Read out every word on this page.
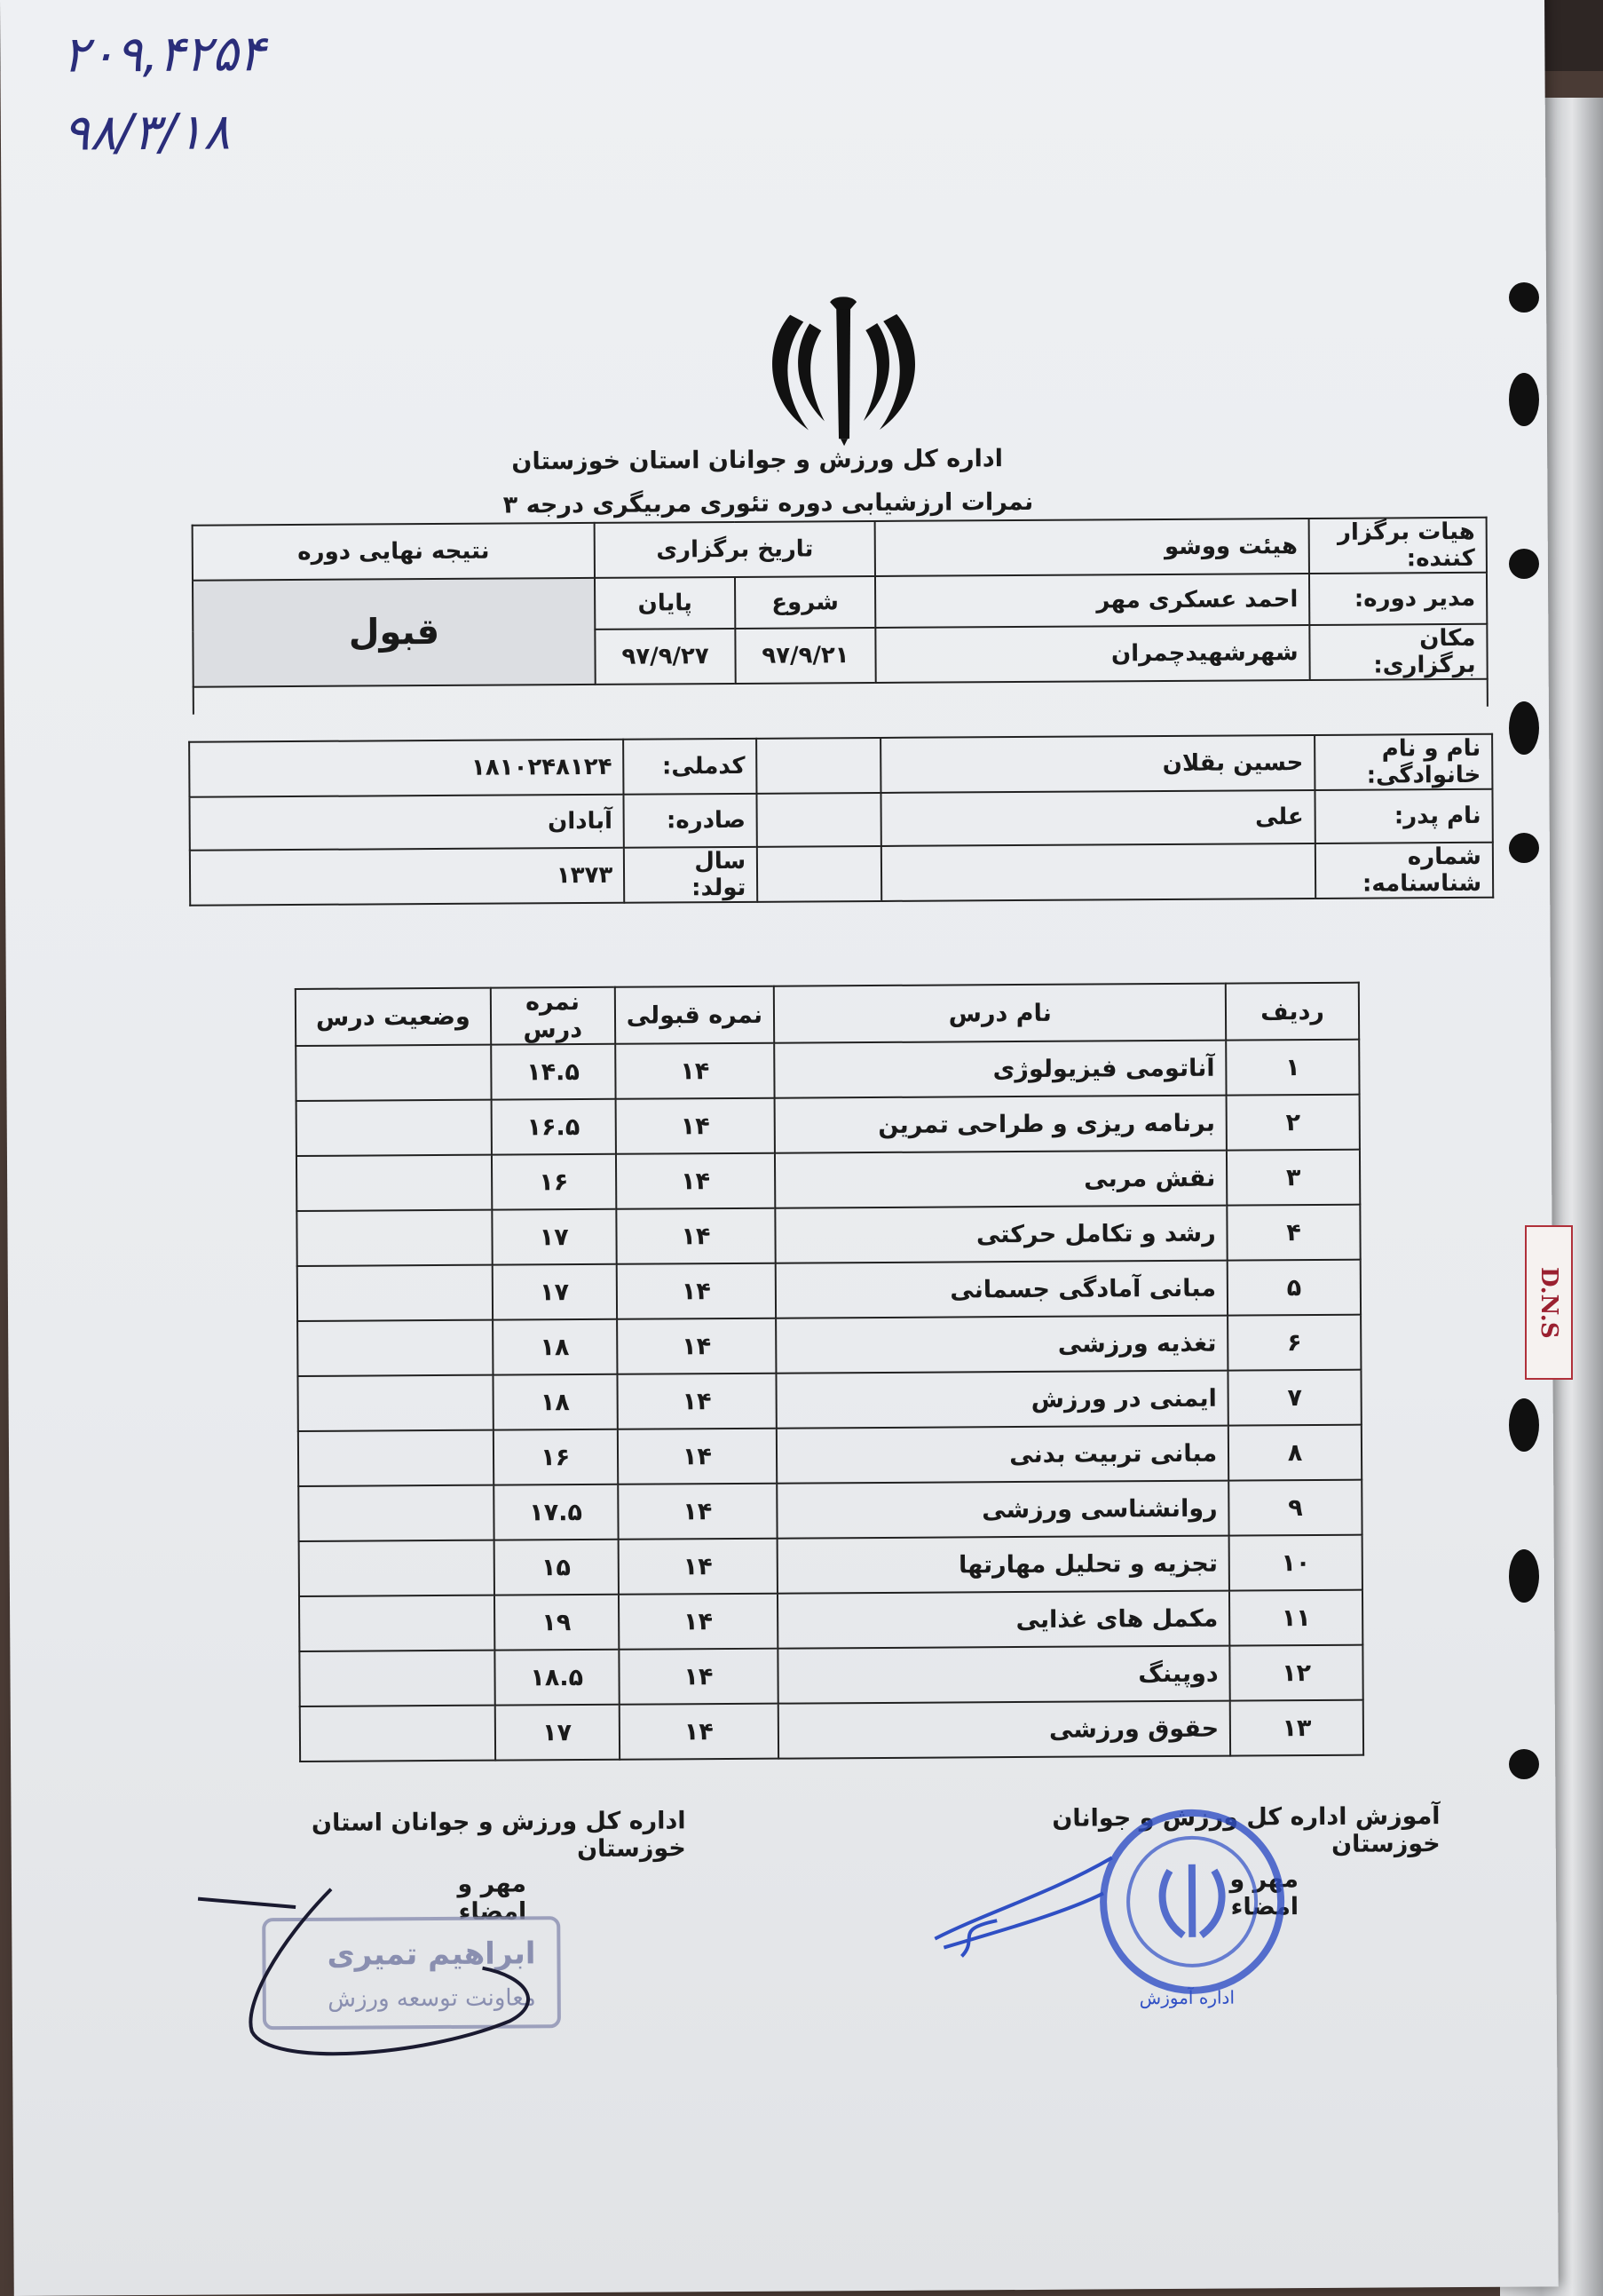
۲۰۹,۴۲۵۴
۹۸/۳/۱۸
اداره کل ورزش و جوانان استان خوزستان
نمرات ارزشیابی دوره تئوری مربیگری درجه ۳
هیات برگزار کننده:	هیئت ووشو	تاریخ برگزاری		نتیجه نهایی دوره
مدیر دوره:	احمد عسکری مهر	شروع	پایان	قبول
مکان برگزاری:	شهرشهیدچمران	۹۷/۹/۲۱	۹۷/۹/۲۷	

نام و نام خانوادگی:	حسین بقلان		کدملی:	۱۸۱۰۲۴۸۱۲۴
نام پدر:	علی		صادره:	آبادان
شماره شناسنامه:			سال تولد:	۱۳۷۳
ردیف	نام درس	نمره قبولی	نمره درس	وضعیت درس
۱	آناتومی فیزیولوژی	۱۴	۱۴.۵	
۲	برنامه ریزی و طراحی تمرین	۱۴	۱۶.۵	
۳	نقش مربی	۱۴	۱۶	
۴	رشد و تکامل حرکتی	۱۴	۱۷	
۵	مبانی آمادگی جسمانی	۱۴	۱۷	
۶	تغذیه ورزشی	۱۴	۱۸	
۷	ایمنی در ورزش	۱۴	۱۸	
۸	مبانی تربیت بدنی	۱۴	۱۶	
۹	روانشناسی ورزشی	۱۴	۱۷.۵	
۱۰	تجزیه و تحلیل مهارتها	۱۴	۱۵	
۱۱	مکمل های غذایی	۱۴	۱۹	
۱۲	دوپینگ	۱۴	۱۸.۵	
۱۳	حقوق ورزشی	۱۴	۱۷	
آموزش اداره کل ورزش و جوانان خوزستان
مهر و امضاء
اداره کل ورزش و جوانان استان خوزستان
مهر و امضاء
اداره آموزش
ابراهیم تمیری
معاونت توسعه ورزش
D.N.S
